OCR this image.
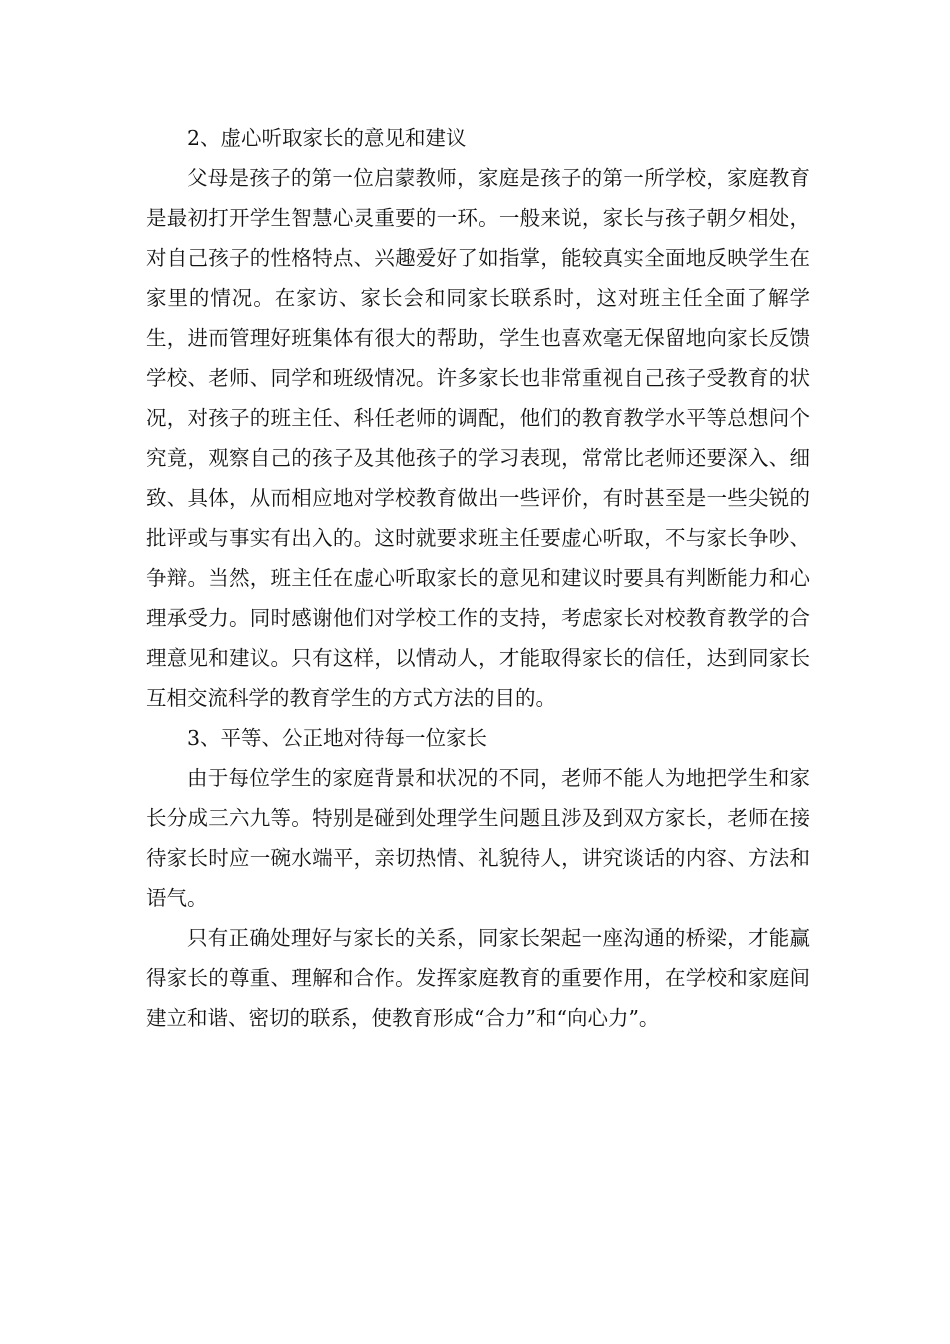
2、虚心听取家长的意见和建议

父母是孩子的第一位启蒙教师，家庭是孩子的第一所学校，家庭教育是最初打开学生智慧心灵重要的一环。一般来说，家长与孩子朝夕相处，对自己孩子的性格特点、兴趣爱好了如指掌，能较真实全面地反映学生在家里的情况。在家访、家长会和同家长联系时，这对班主任全面了解学生，进而管理好班集体有很大的帮助，学生也喜欢毫无保留地向家长反馈学校、老师、同学和班级情况。许多家长也非常重视自己孩子受教育的状况，对孩子的班主任、科任老师的调配，他们的教育教学水平等总想问个究竟，观察自己的孩子及其他孩子的学习表现，常常比老师还要深入、细致、具体，从而相应地对学校教育做出一些评价，有时甚至是一些尖锐的批评或与事实有出入的。这时就要求班主任要虚心听取，不与家长争吵、争辩。当然，班主任在虚心听取家长的意见和建议时要具有判断能力和心理承受力。同时感谢他们对学校工作的支持，考虑家长对校教育教学的合理意见和建议。只有这样，以情动人，才能取得家长的信任，达到同家长互相交流科学的教育学生的方式方法的目的。

3、平等、公正地对待每一位家长

由于每位学生的家庭背景和状况的不同，老师不能人为地把学生和家长分成三六九等。特别是碰到处理学生问题且涉及到双方家长，老师在接待家长时应一碗水端平，亲切热情、礼貌待人，讲究谈话的内容、方法和语气。

只有正确处理好与家长的关系，同家长架起一座沟通的桥梁，才能赢得家长的尊重、理解和合作。发挥家庭教育的重要作用，在学校和家庭间建立和谐、密切的联系，使教育形成“合力”和“向心力”。
